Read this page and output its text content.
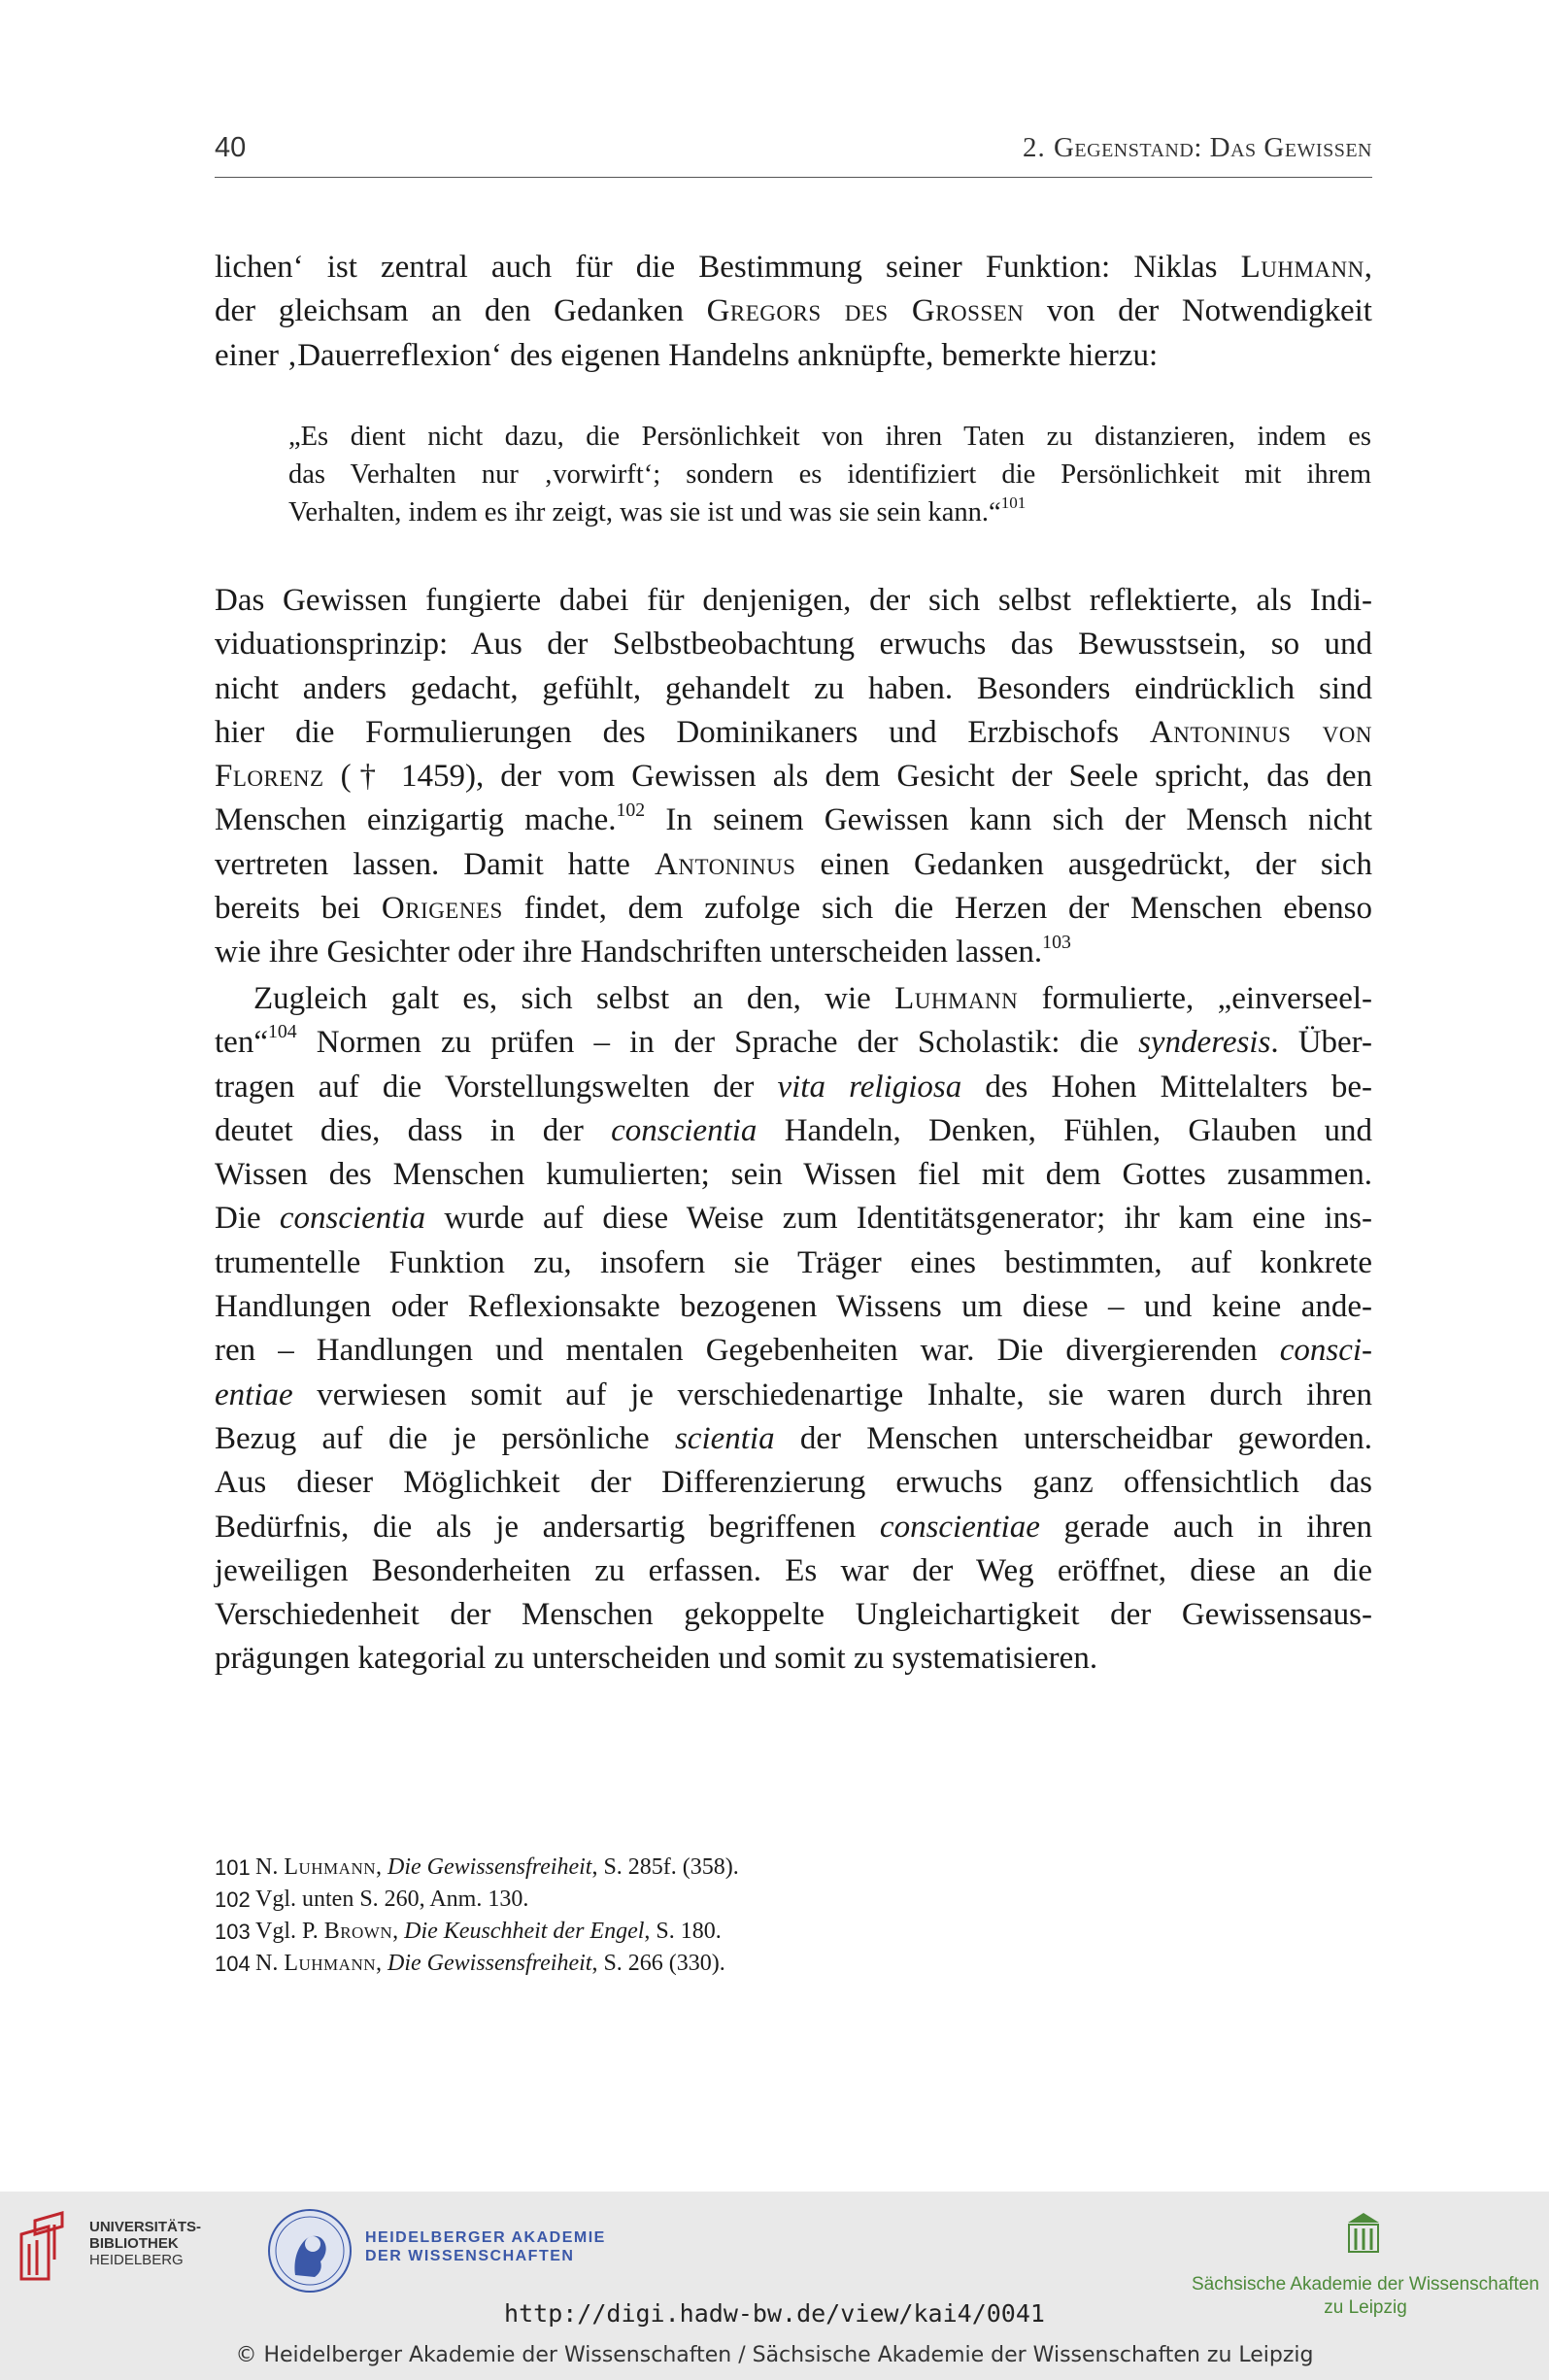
40	2. Gegenstand: Das Gewissen
lichen‘ ist zentral auch für die Bestimmung seiner Funktion: Niklas Luhmann,
der gleichsam an den Gedanken Gregors des Grossen von der Notwendigkeit
einer ‚Dauerreflexion‘ des eigenen Handelns anknüpfte, bemerkte hierzu:
„Es dient nicht dazu, die Persönlichkeit von ihren Taten zu distanzieren, indem es
das Verhalten nur ‚vorwirft‘; sondern es identifiziert die Persönlichkeit mit ihrem
Verhalten, indem es ihr zeigt, was sie ist und was sie sein kann.“$^{101}$
Das Gewissen fungierte dabei für denjenigen, der sich selbst reflektierte, als Indi-
viduationsprinzip: Aus der Selbstbeobachtung erwuchs das Bewusstsein, so und
nicht anders gedacht, gefühlt, gehandelt zu haben. Besonders eindrücklich sind
hier die Formulierungen des Dominikaners und Erzbischofs Antoninus von
Florenz († 1459), der vom Gewissen als dem Gesicht der Seele spricht, das den
Menschen einzigartig mache.$^{102}$ In seinem Gewissen kann sich der Mensch nicht
vertreten lassen. Damit hatte Antoninus einen Gedanken ausgedrückt, der sich
bereits bei Origenes findet, dem zufolge sich die Herzen der Menschen ebenso
wie ihre Gesichter oder ihre Handschriften unterscheiden lassen.$^{103}$
Zugleich galt es, sich selbst an den, wie Luhmann formulierte, „einverseel-
ten“$^{104}$ Normen zu prüfen – in der Sprache der Scholastik: die synderesis. Über-
tragen auf die Vorstellungswelten der vita religiosa des Hohen Mittelalters be-
deutet dies, dass in der conscientia Handeln, Denken, Fühlen, Glauben und
Wissen des Menschen kumulierten; sein Wissen fiel mit dem Gottes zusammen.
Die conscientia wurde auf diese Weise zum Identitätsgenerator; ihr kam eine ins-
trumentelle Funktion zu, insofern sie Träger eines bestimmten, auf konkrete
Handlungen oder Reflexionsakte bezogenen Wissens um diese – und keine ande-
ren – Handlungen und mentalen Gegebenheiten war. Die divergierenden consci-
entiae verwiesen somit auf je verschiedenartige Inhalte, sie waren durch ihren
Bezug auf die je persönliche scientia der Menschen unterscheidbar geworden.
Aus dieser Möglichkeit der Differenzierung erwuchs ganz offensichtlich das
Bedürfnis, die als je andersartig begriffenen conscientiae gerade auch in ihren
jeweiligen Besonderheiten zu erfassen. Es war der Weg eröffnet, diese an die
Verschiedenheit der Menschen gekoppelte Ungleichartigkeit der Gewissensaus-
prägungen kategorial zu unterscheiden und somit zu systematisieren.
101 N. Luhmann, Die Gewissensfreiheit, S. 285f. (358).
102 Vgl. unten S. 260, Anm. 130.
103 Vgl. P. Brown, Die Keuschheit der Engel, S. 180.
104 N. Luhmann, Die Gewissensfreiheit, S. 266 (330).
UNIVERSITÄTS-
BIBLIOTHEK
HEIDELBERG
HEIDELBERGER AKADEMIE
DER WISSENSCHAFTEN
Sächsische Akademie der Wissenschaften
zu Leipzig
http://digi.hadw-bw.de/view/kai4/0041
© Heidelberger Akademie der Wissenschaften / Sächsische Akademie der Wissenschaften zu Leipzig
